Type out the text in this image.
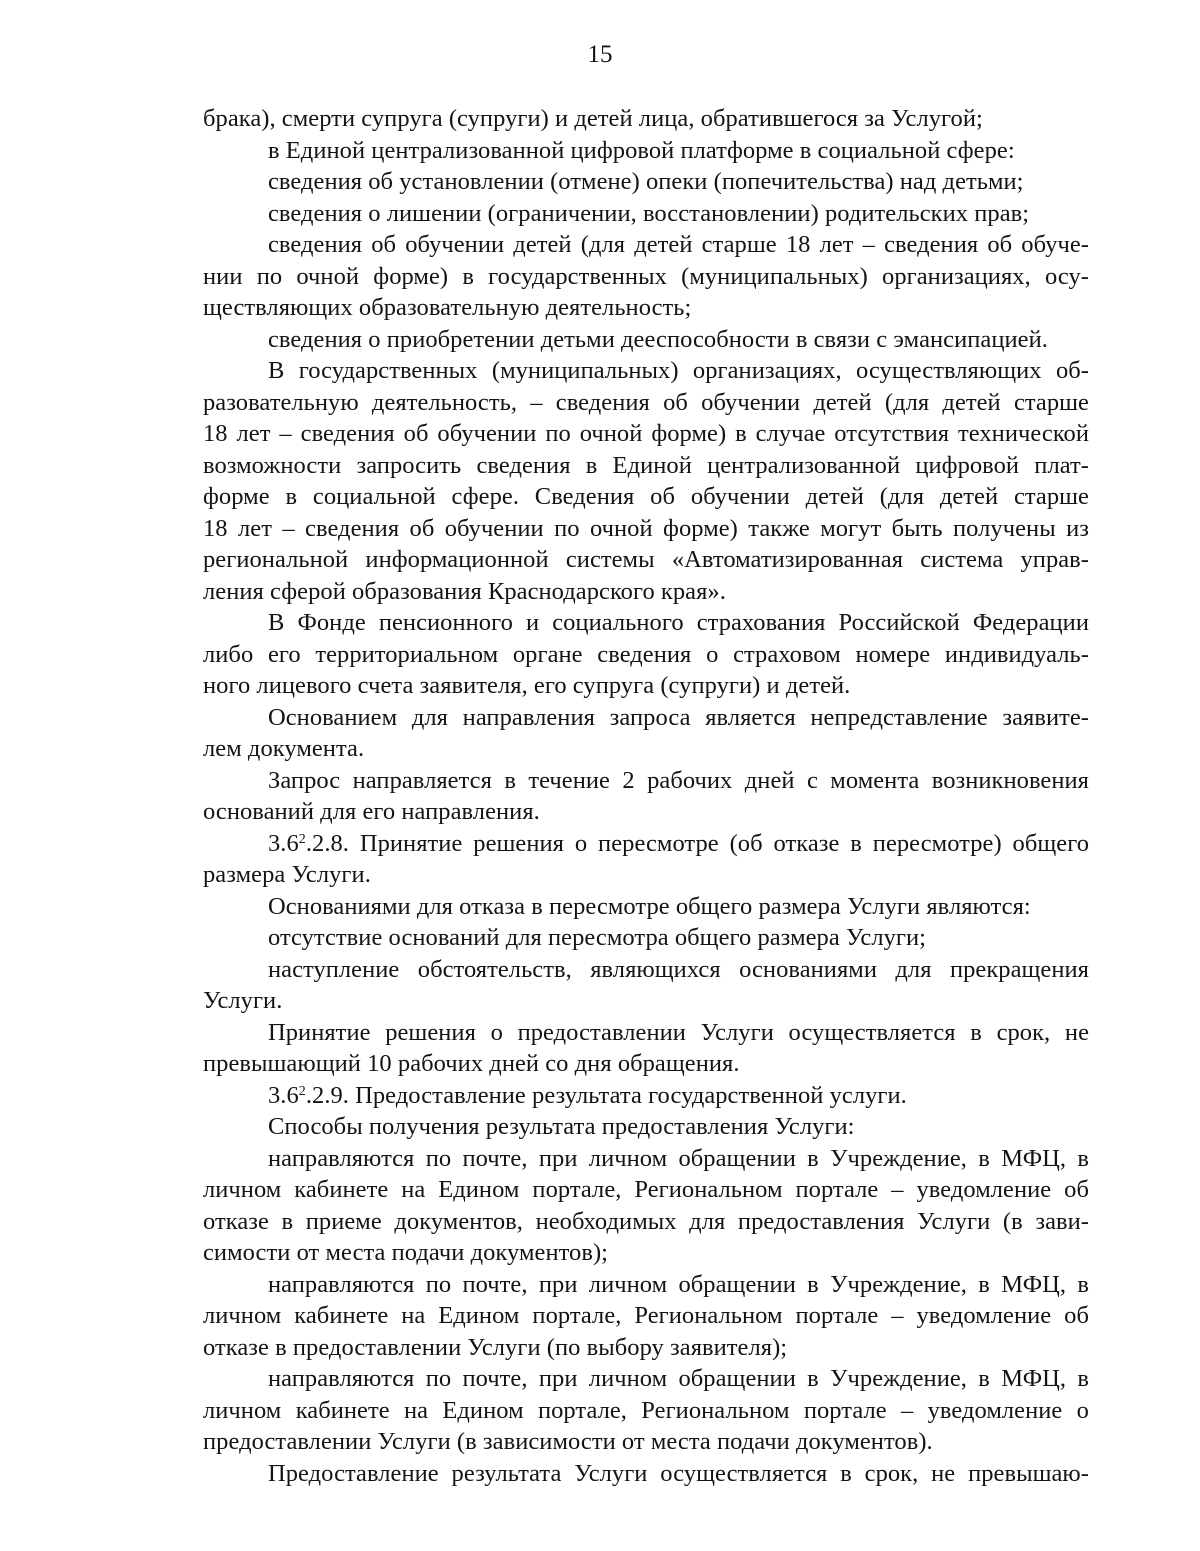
15
брака), смерти супруга (супруги) и детей лица, обратившегося за Услугой;
в Единой централизованной цифровой платформе в социальной сфере:
сведения об установлении (отмене) опеки (попечительства) над детьми;
сведения о лишении (ограничении, восстановлении) родительских прав;
сведения об обучении детей (для детей старше 18 лет – сведения об обуче-
нии по очной форме) в государственных (муниципальных) организациях, осу-
ществляющих образовательную деятельность;
сведения о приобретении детьми дееспособности в связи с эмансипацией.
В государственных (муниципальных) организациях, осуществляющих об-
разовательную деятельность, – сведения об обучении детей (для детей старше
18 лет – сведения об обучении по очной форме) в случае отсутствия технической
возможности запросить сведения в Единой централизованной цифровой плат-
форме в социальной сфере. Сведения об обучении детей (для детей старше
18 лет – сведения об обучении по очной форме) также могут быть получены из
региональной информационной системы «Автоматизированная система управ-
ления сферой образования Краснодарского края».
В Фонде пенсионного и социального страхования Российской Федерации
либо его территориальном органе сведения о страховом номере индивидуаль-
ного лицевого счета заявителя, его супруга (супруги) и детей.
Основанием для направления запроса является непредставление заявите-
лем документа.
Запрос направляется в течение 2 рабочих дней с момента возникновения
оснований для его направления.
$3.6^2.2.8$. Принятие решения о пересмотре (об отказе в пересмотре) общего
размера Услуги.
Основаниями для отказа в пересмотре общего размера Услуги являются:
отсутствие оснований для пересмотра общего размера Услуги;
наступление обстоятельств, являющихся основаниями для прекращения
Услуги.
Принятие решения о предоставлении Услуги осуществляется в срок, не
превышающий 10 рабочих дней со дня обращения.
$3.6^2.2.9$. Предоставление результата государственной услуги.
Способы получения результата предоставления Услуги:
направляются по почте, при личном обращении в Учреждение, в МФЦ, в
личном кабинете на Едином портале, Региональном портале – уведомление об
отказе в приеме документов, необходимых для предоставления Услуги (в зави-
симости от места подачи документов);
направляются по почте, при личном обращении в Учреждение, в МФЦ, в
личном кабинете на Едином портале, Региональном портале – уведомление об
отказе в предоставлении Услуги (по выбору заявителя);
направляются по почте, при личном обращении в Учреждение, в МФЦ, в
личном кабинете на Едином портале, Региональном портале – уведомление о
предоставлении Услуги (в зависимости от места подачи документов).
Предоставление результата Услуги осуществляется в срок, не превышаю-
